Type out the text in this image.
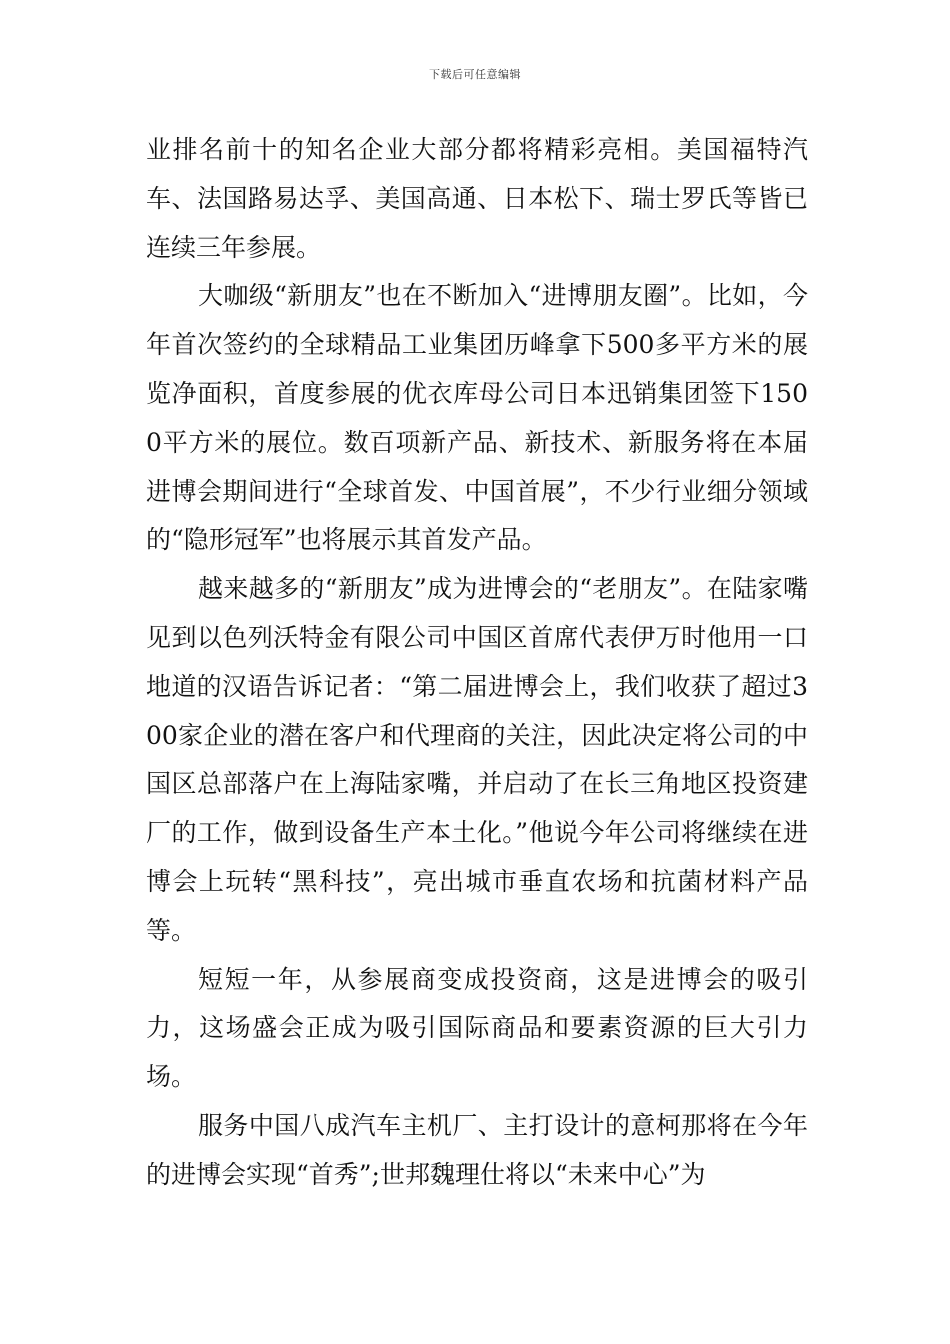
下载后可任意编辑

业排名前十的知名企业大部分都将精彩亮相。美国福特汽车、法国路易达孚、美国高通、日本松下、瑞士罗氏等皆已连续三年参展。

大咖级“新朋友”也在不断加入“进博朋友圈”。比如，今年首次签约的全球精品工业集团历峰拿下500多平方米的展览净面积，首度参展的优衣库母公司日本迅销集团签下1500平方米的展位。数百项新产品、新技术、新服务将在本届进博会期间进行“全球首发、中国首展”，不少行业细分领域的“隐形冠军”也将展示其首发产品。

越来越多的“新朋友”成为进博会的“老朋友”。在陆家嘴见到以色列沃特金有限公司中国区首席代表伊万时他用一口地道的汉语告诉记者：“第二届进博会上，我们收获了超过300家企业的潜在客户和代理商的关注，因此决定将公司的中国区总部落户在上海陆家嘴，并启动了在长三角地区投资建厂的工作，做到设备生产本土化。”他说今年公司将继续在进博会上玩转“黑科技”，亮出城市垂直农场和抗菌材料产品等。

短短一年，从参展商变成投资商，这是进博会的吸引力，这场盛会正成为吸引国际商品和要素资源的巨大引力场。

服务中国八成汽车主机厂、主打设计的意柯那将在今年的进博会实现“首秀”;世邦魏理仕将以“未来中心”为
